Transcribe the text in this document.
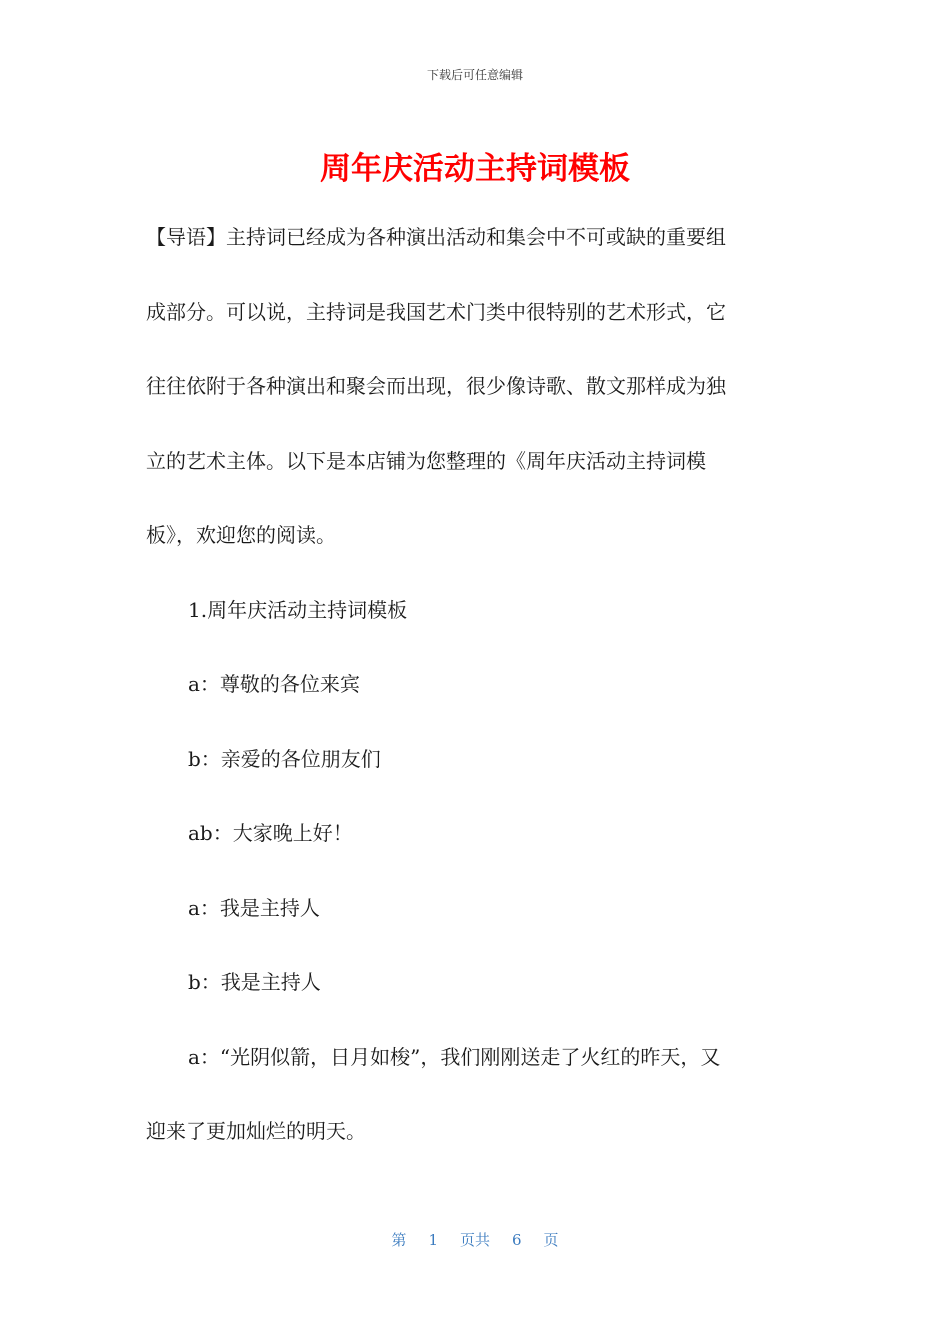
下载后可任意编辑
周年庆活动主持词模板

【导语】主持词已经成为各种演出活动和集会中不可或缺的重要组

成部分。可以说，主持词是我国艺术门类中很特别的艺术形式，它

往往依附于各种演出和聚会而出现，很少像诗歌、散文那样成为独

立的艺术主体。以下是本店铺为您整理的《周年庆活动主持词模

板》，欢迎您的阅读。

1.周年庆活动主持词模板

a：尊敬的各位来宾

b：亲爱的各位朋友们

ab：大家晚上好！

a：我是主持人

b：我是主持人

a：“光阴似箭，日月如梭”，我们刚刚送走了火红的昨天，又

迎来了更加灿烂的明天。

第 1 页共 6 页
